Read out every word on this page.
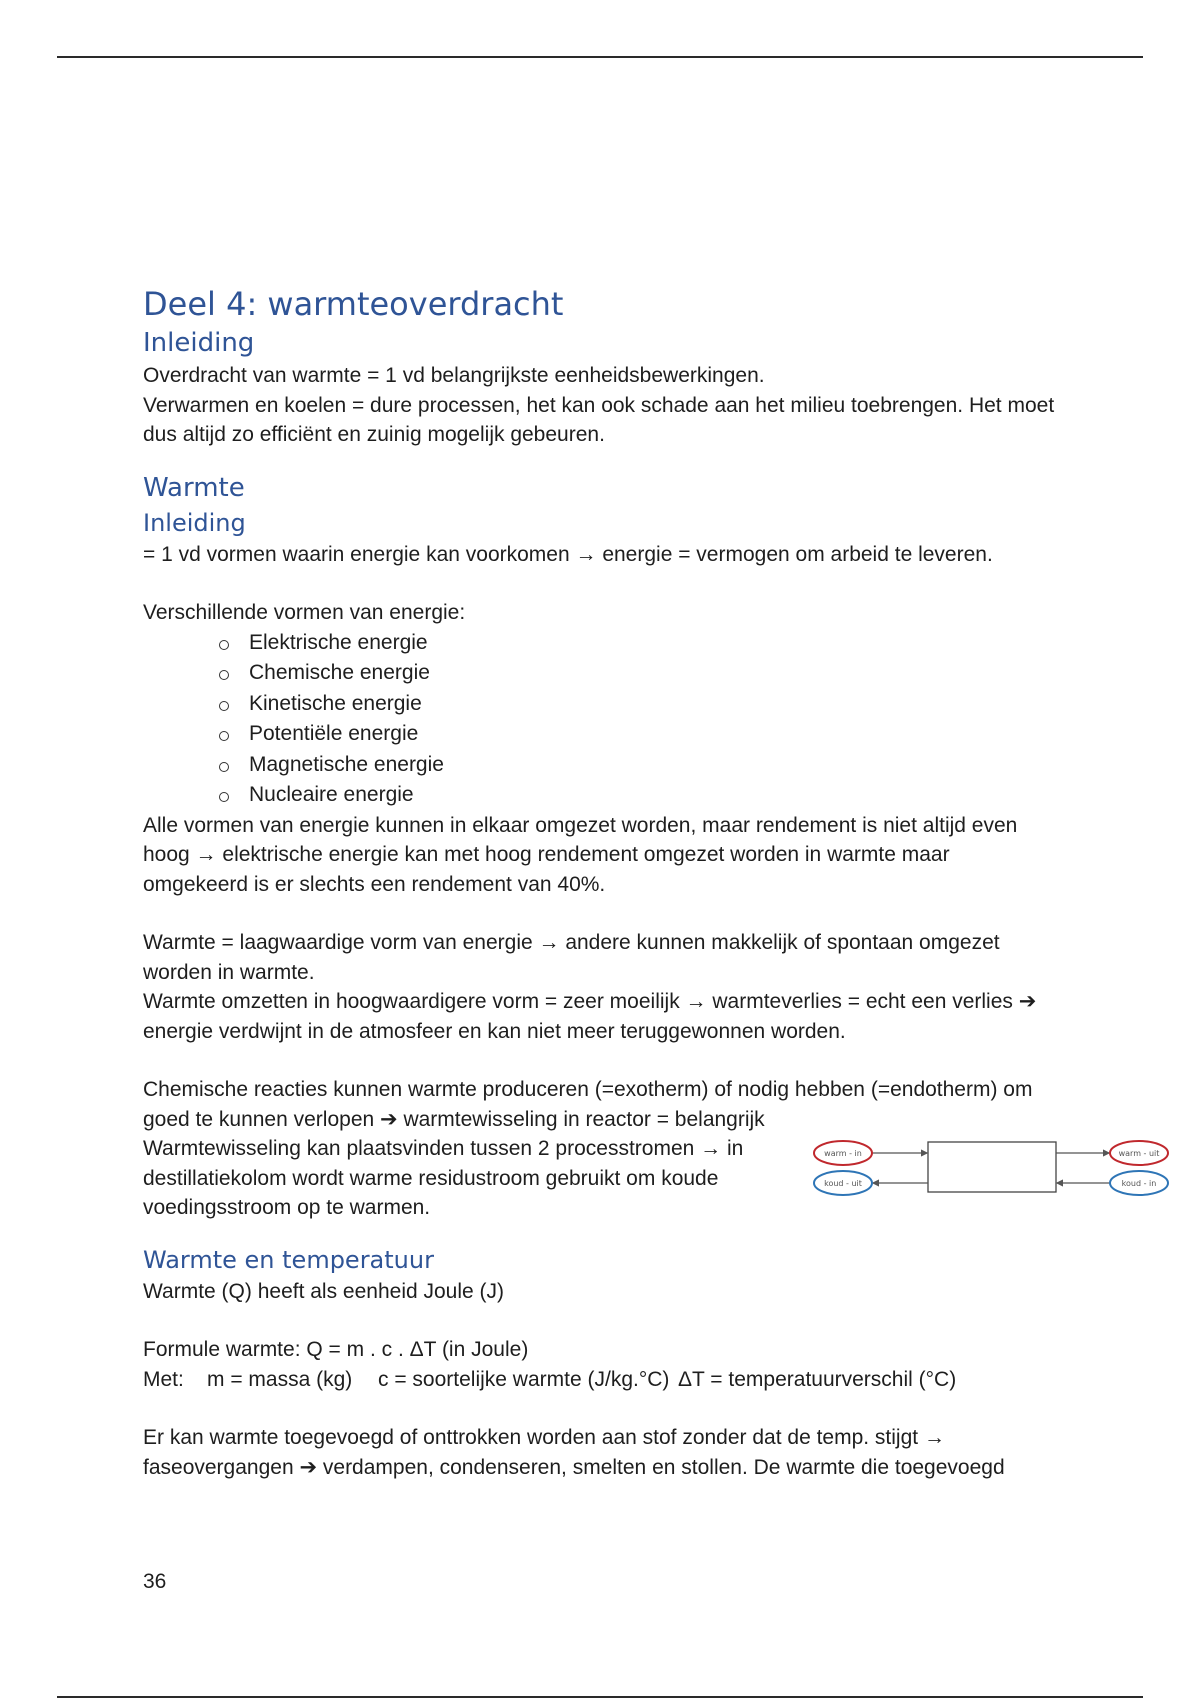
Deel 4: warmteoverdracht
Inleiding

Overdracht van warmte = 1 vd belangrijkste eenheidsbewerkingen.

Verwarmen en koelen = dure processen, het kan ook schade aan het milieu toebrengen. Het moet dus altijd zo efficiënt en zuinig mogelijk gebeuren.

Warmte
Inleiding

= 1 vd vormen waarin energie kan voorkomen → energie = vermogen om arbeid te leveren.

Verschillende vormen van energie:

Elektrische energie
Chemische energie
Kinetische energie
Potentiële energie
Magnetische energie
Nucleaire energie

Alle vormen van energie kunnen in elkaar omgezet worden, maar rendement is niet altijd even hoog → elektrische energie kan met hoog rendement omgezet worden in warmte maar omgekeerd is er slechts een rendement van 40%.

Warmte = laagwaardige vorm van energie → andere kunnen makkelijk of spontaan omgezet worden in warmte.

Warmte omzetten in hoogwaardigere vorm = zeer moeilijk → warmteverlies = echt een verlies ➔ energie verdwijnt in de atmosfeer en kan niet meer teruggewonnen worden.

Chemische reacties kunnen warmte produceren (=exotherm) of nodig hebben (=endotherm) om goed te kunnen verlopen ➔ warmtewisseling in reactor = belangrijk

Warmtewisseling kan plaatsvinden tussen 2 processtromen → in destillatiekolom wordt warme residustroom gebruikt om koude voedingsstroom op te warmen.

warm - in
koud - uit
warm - uit
koud - in
Warmte en temperatuur

Warmte (Q) heeft als eenheid Joule (J)

Formule warmte: Q = m . c . ΔT (in Joule)

Met: m = massa (kg) c = soortelijke warmte (J/kg.°C) ΔT = temperatuurverschil (°C)

Er kan warmte toegevoegd of onttrokken worden aan stof zonder dat de temp. stijgt → faseovergangen ➔ verdampen, condenseren, smelten en stollen. De warmte die toegevoegd

36
